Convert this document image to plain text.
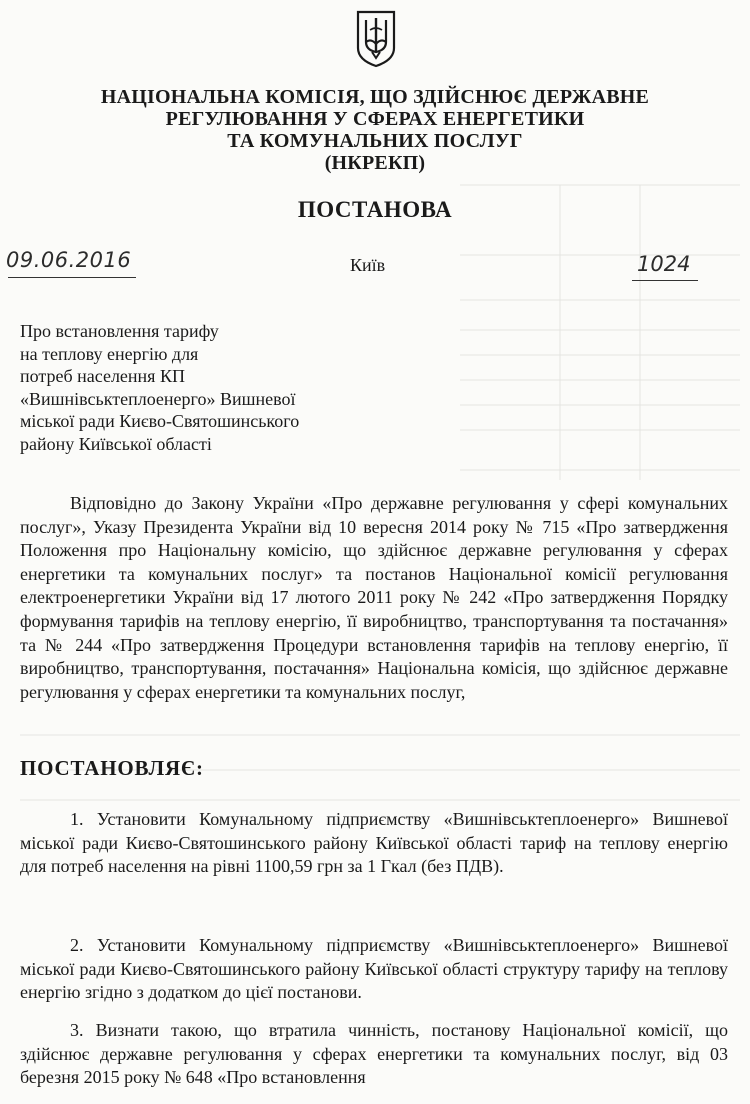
НАЦІОНАЛЬНА КОМІСІЯ, ЩО ЗДІЙСНЮЄ ДЕРЖАВНЕ
РЕГУЛЮВАННЯ У СФЕРАХ ЕНЕРГЕТИКИ
ТА КОМУНАЛЬНИХ ПОСЛУГ
(НКРЕКП)
ПОСТАНОВА
09.06.2016	Київ	1024
Про встановлення тарифу
на теплову енергію для
потреб населення КП
«Вишнівськтеплоенерго» Вишневої
міської ради Києво-Святошинського
району Київської області

Відповідно до Закону України «Про державне регулювання у сфері комунальних послуг», Указу Президента України від 10 вересня 2014 року № 715 «Про затвердження Положення про Національну комісію, що здійснює державне регулювання у сферах енергетики та комунальних послуг» та постанов Національної комісії регулювання електроенергетики України від 17 лютого 2011 року № 242 «Про затвердження Порядку формування тарифів на теплову енергію, її виробництво, транспортування та постачання» та № 244 «Про затвердження Процедури встановлення тарифів на теплову енергію, її виробництво, транспортування, постачання» Національна комісія, що здійснює державне регулювання у сферах енергетики та комунальних послуг,

ПОСТАНОВЛЯЄ:

1. Установити Комунальному підприємству «Вишнівськтеплоенерго» Вишневої міської ради Києво-Святошинського району Київської області тариф на теплову енергію для потреб населення на рівні 1100,59 грн за 1 Гкал (без ПДВ).

2. Установити Комунальному підприємству «Вишнівськтеплоенерго» Вишневої міської ради Києво-Святошинського району Київської області структуру тарифу на теплову енергію згідно з додатком до цієї постанови.

3. Визнати такою, що втратила чинність, постанову Національної комісії, що здійснює державне регулювання у сферах енергетики та комунальних послуг, від 03 березня 2015 року № 648 «Про встановлення
